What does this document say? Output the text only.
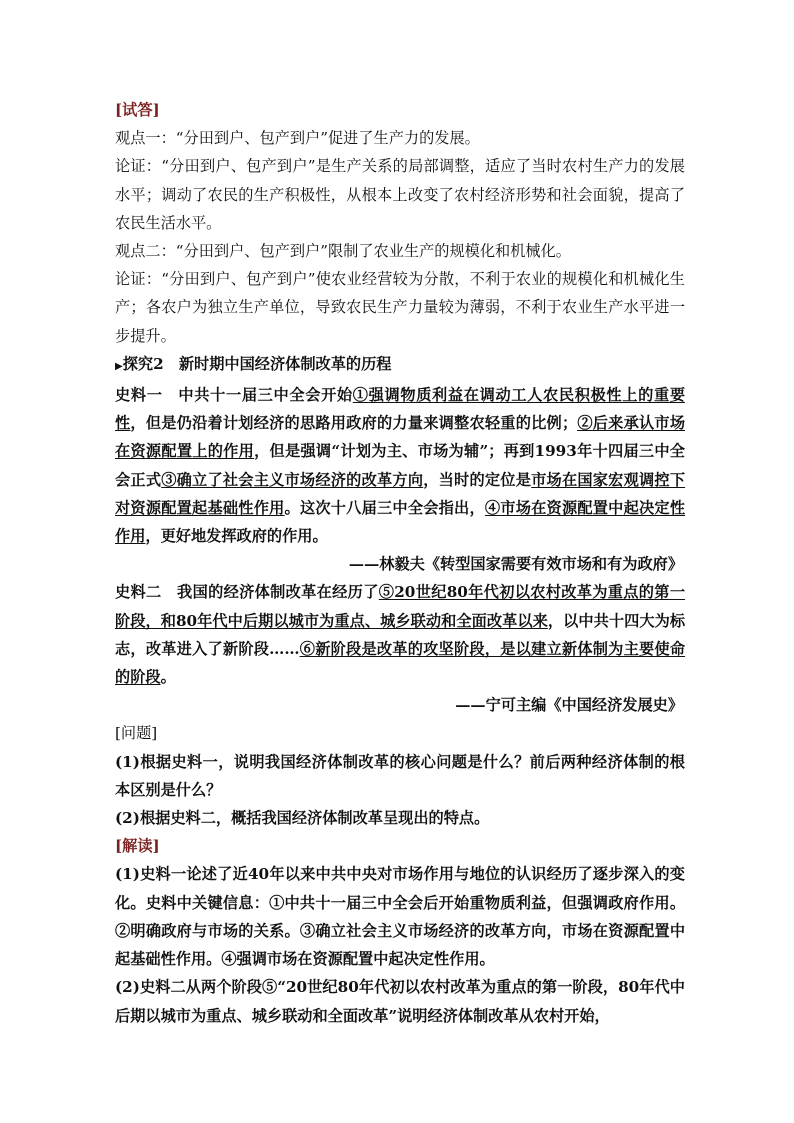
[试答]

观点一：“分田到户、包产到户”促进了生产力的发展。

论证：“分田到户、包产到户”是生产关系的局部调整，适应了当时农村生产力的发展水平；调动了农民的生产积极性，从根本上改变了农村经济形势和社会面貌，提高了农民生活水平。

观点二：“分田到户、包产到户”限制了农业生产的规模化和机械化。

论证：“分田到户、包产到户”使农业经营较为分散，不利于农业的规模化和机械化生产；各农户为独立生产单位，导致农民生产力量较为薄弱，不利于农业生产水平进一步提升。

▶探究2　新时期中国经济体制改革的历程

史料一　中共十一届三中全会开始①强调物质利益在调动工人农民积极性上的重要性，但是仍沿着计划经济的思路用政府的力量来调整农轻重的比例；②后来承认市场在资源配置上的作用，但是强调“计划为主、市场为辅”；再到1993年十四届三中全会正式③确立了社会主义市场经济的改革方向，当时的定位是市场在国家宏观调控下对资源配置起基础性作用。这次十八届三中全会指出，④市场在资源配置中起决定性作用，更好地发挥政府的作用。

——林毅夫《转型国家需要有效市场和有为政府》

史料二　我国的经济体制改革在经历了⑤20世纪80年代初以农村改革为重点的第一阶段，和80年代中后期以城市为重点、城乡联动和全面改革以来，以中共十四大为标志，改革进入了新阶段……⑥新阶段是改革的攻坚阶段，是以建立新体制为主要使命的阶段。

——宁可主编《中国经济发展史》

[问题]

(1)根据史料一，说明我国经济体制改革的核心问题是什么？前后两种经济体制的根本区别是什么？

(2)根据史料二，概括我国经济体制改革呈现出的特点。

[解读]

(1)史料一论述了近40年以来中共中央对市场作用与地位的认识经历了逐步深入的变化。史料中关键信息：①中共十一届三中全会后开始重物质利益，但强调政府作用。②明确政府与市场的关系。③确立社会主义市场经济的改革方向，市场在资源配置中起基础性作用。④强调市场在资源配置中起决定性作用。

(2)史料二从两个阶段⑤“20世纪80年代初以农村改革为重点的第一阶段，80年代中后期以城市为重点、城乡联动和全面改革”说明经济体制改革从农村开始，
